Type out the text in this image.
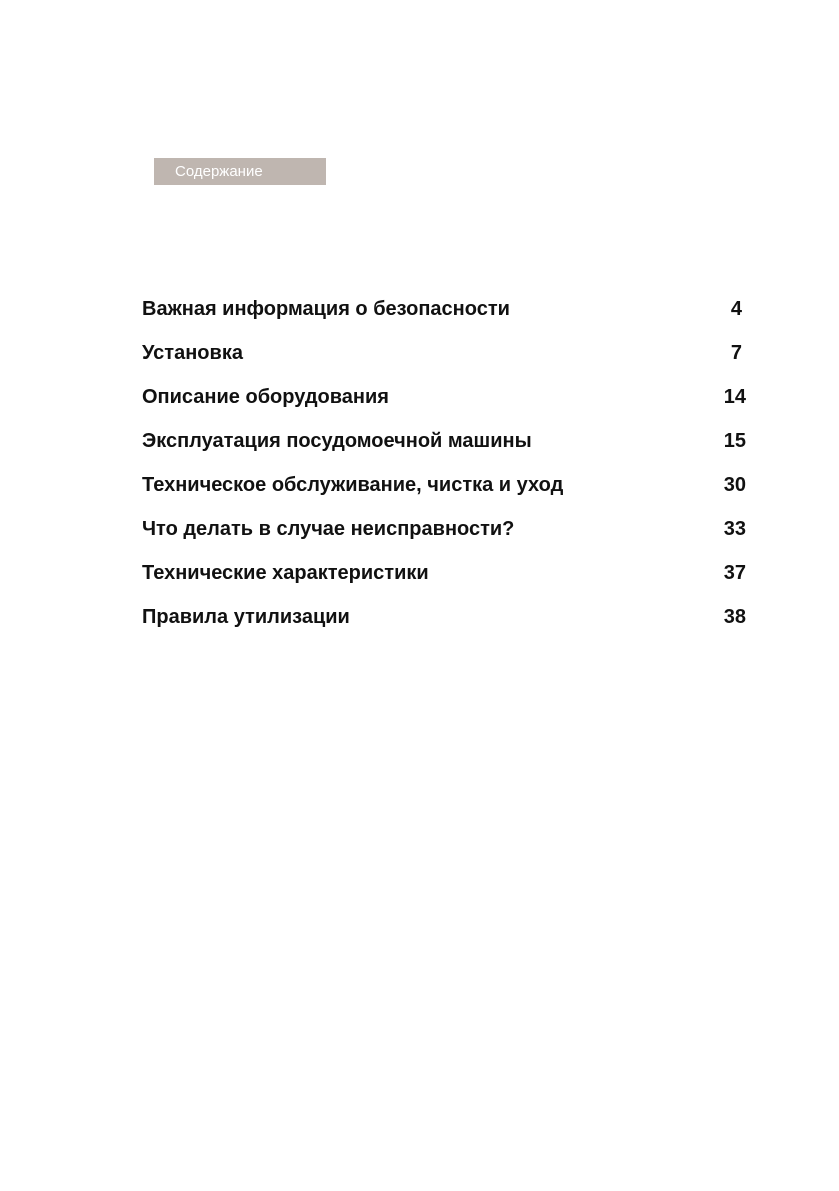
Содержание
Важная информация о безопасности	4
Установка	7
Описание оборудования	14
Эксплуатация посудомоечной машины	15
Техническое обслуживание, чистка и уход	30
Что делать в случае неисправности?	33
Технические характеристики	37
Правила утилизации	38
